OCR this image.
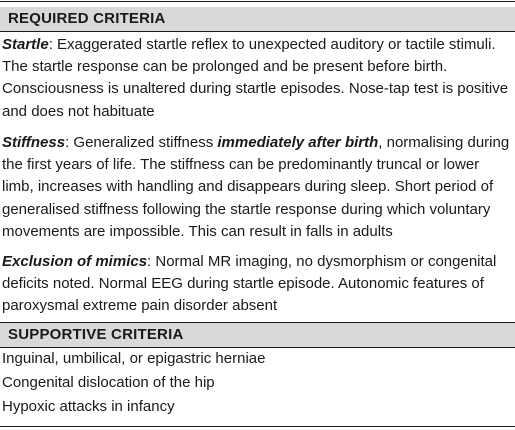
REQUIRED CRITERIA
Startle: Exaggerated startle reflex to unexpected auditory or tactile stimuli. The startle response can be prolonged and be present before birth. Consciousness is unaltered during startle episodes. Nose-tap test is positive and does not habituate
Stiffness: Generalized stiffness immediately after birth, normalising during the first years of life. The stiffness can be predominantly truncal or lower limb, increases with handling and disappears during sleep. Short period of generalised stiffness following the startle response during which voluntary movements are impossible. This can result in falls in adults
Exclusion of mimics: Normal MR imaging, no dysmorphism or congenital deficits noted. Normal EEG during startle episode. Autonomic features of paroxysmal extreme pain disorder absent
SUPPORTIVE CRITERIA
Inguinal, umbilical, or epigastric herniae
Congenital dislocation of the hip
Hypoxic attacks in infancy
